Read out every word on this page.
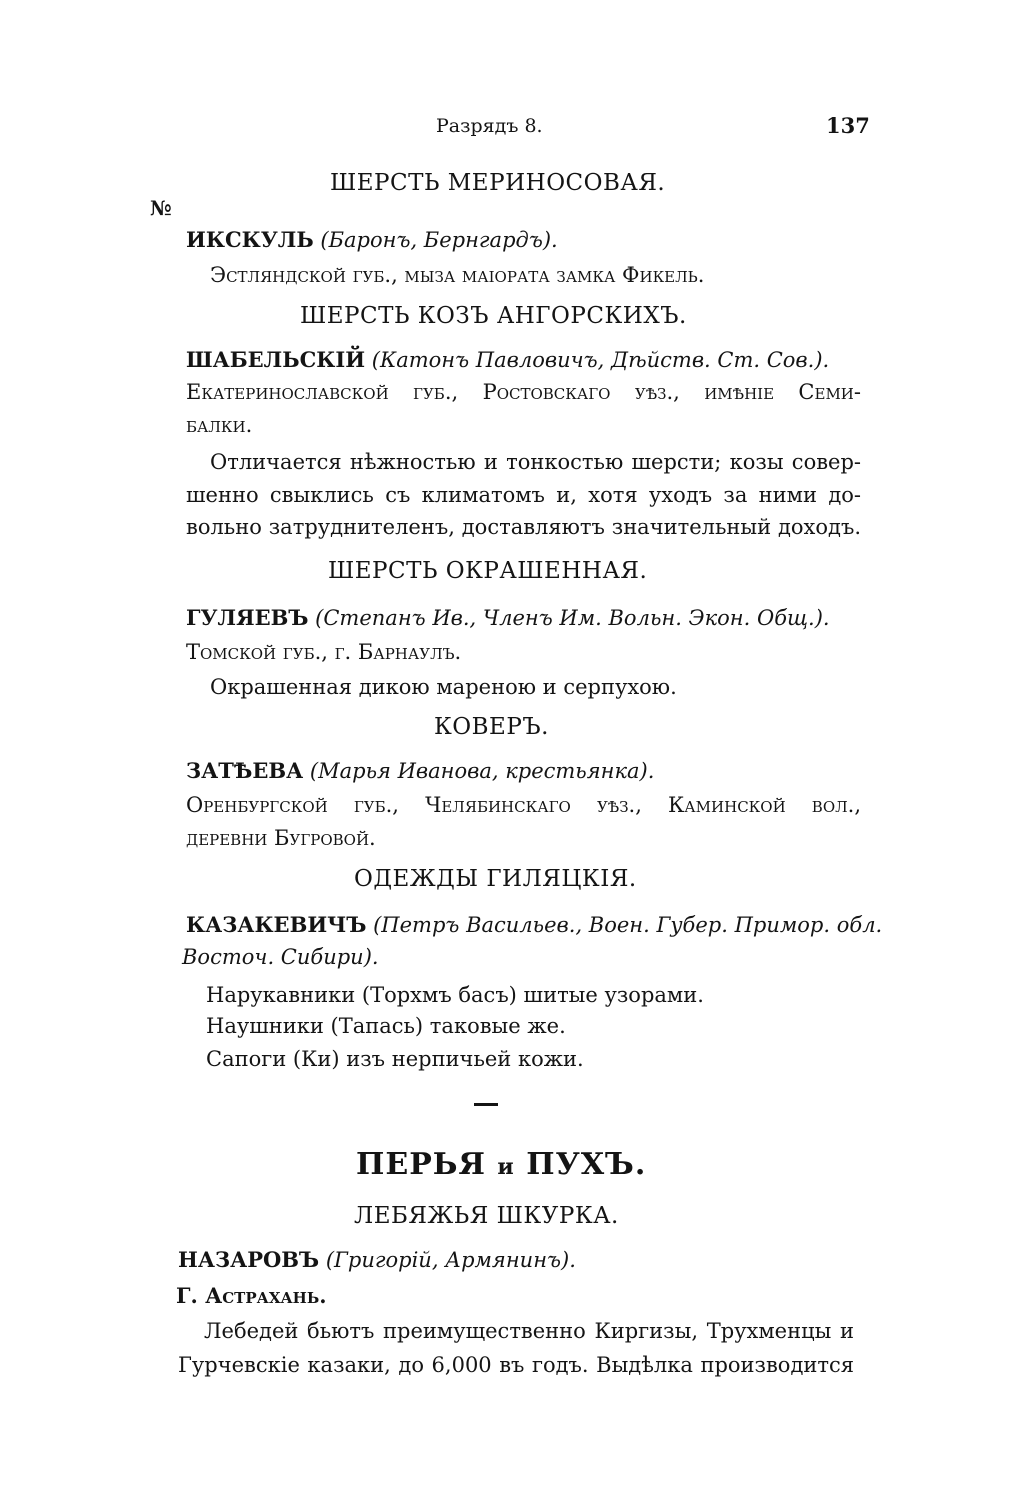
Разрядъ 8.	137
ШЕРСТЬ МЕРИНОСОВАЯ.
№
ИКСКУЛЬ (Баронъ, Бернгардъ).
Эстляндской губ., мыза маіората замка Фикель.
ШЕРСТЬ КОЗЪ АНГОРСКИХЪ.
ШАБЕЛЬСКІЙ (Катонъ Павловичъ, Дѣйств. Ст. Сов.).
Екатеринославской губ., Ростовскаго уѣз., имѣніе Семи-
балки.
Отличается нѣжностью и тонкостью шерсти; козы совер-
шенно свыклись съ климатомъ и, хотя уходъ за ними до-
вольно затруднителенъ, доставляютъ значительный доходъ.
ШЕРСТЬ ОКРАШЕННАЯ.
ГУЛЯЕВЪ (Степанъ Ив., Членъ Им. Вольн. Экон. Общ.).
Томской губ., г. Барнаулъ.
Окрашенная дикою мареною и серпухою.
КОВЕРЪ.
ЗАТѢЕВА (Марья Иванова, крестьянка).
Оренбургской губ., Челябинскаго уѣз., Каминской вол.,
деревни Бугровой.
ОДЕЖДЫ ГИЛЯЦКІЯ.
КАЗАКЕВИЧЪ (Петръ Васильев., Воен. Губер. Примор. обл.
Восточ. Сибири).
Нарукавники (Торхмъ басъ) шитые узорами.
Наушники (Тапась) таковые же.
Сапоги (Ки) изъ нерпичьей кожи.
ПЕРЬЯ и ПУХЪ.
ЛЕБЯЖЬЯ ШКУРКА.
НАЗАРОВЪ (Григорій, Армянинъ).
Г. Астрахань.
Лебедей бьютъ преимущественно Киргизы, Трухменцы и
Гурчевскіе казаки, до 6,000 въ годъ. Выдѣлка производится
